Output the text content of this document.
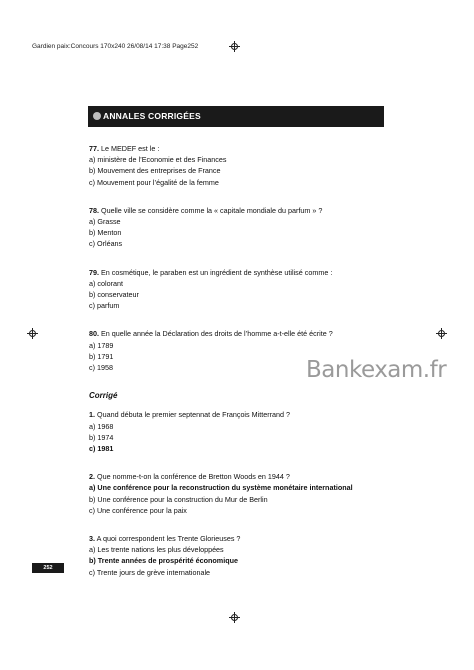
Gardien paix:Concours 170x240 26/08/14 17:38 Page252
ANNALES CORRIGÉES

77. Le MEDEF est le :

a) ministère de l’Economie et des Finances

b) Mouvement des entreprises de France

c) Mouvement pour l’égalité de la femme

78. Quelle ville se considère comme la « capitale mondiale du parfum » ?

a) Grasse

b) Menton

c) Orléans

79. En cosmétique, le paraben est un ingrédient de synthèse utilisé comme :

a) colorant

b) conservateur

c) parfum

80. En quelle année la Déclaration des droits de l’homme a-t-elle été écrite ?

a) 1789

b) 1791

c) 1958

Corrigé

1. Quand débuta le premier septennat de François Mitterrand ?

a) 1968

b) 1974

c) 1981

2. Que nomme-t-on la conférence de Bretton Woods en 1944 ?

a) Une conférence pour la reconstruction du système monétaire international

b) Une conférence pour la construction du Mur de Berlin

c) Une conférence pour la paix

3. A quoi correspondent les Trente Glorieuses ?

a) Les trente nations les plus développées

b) Trente années de prospérité économique

c) Trente jours de grève internationale

Bankexam.fr
252
